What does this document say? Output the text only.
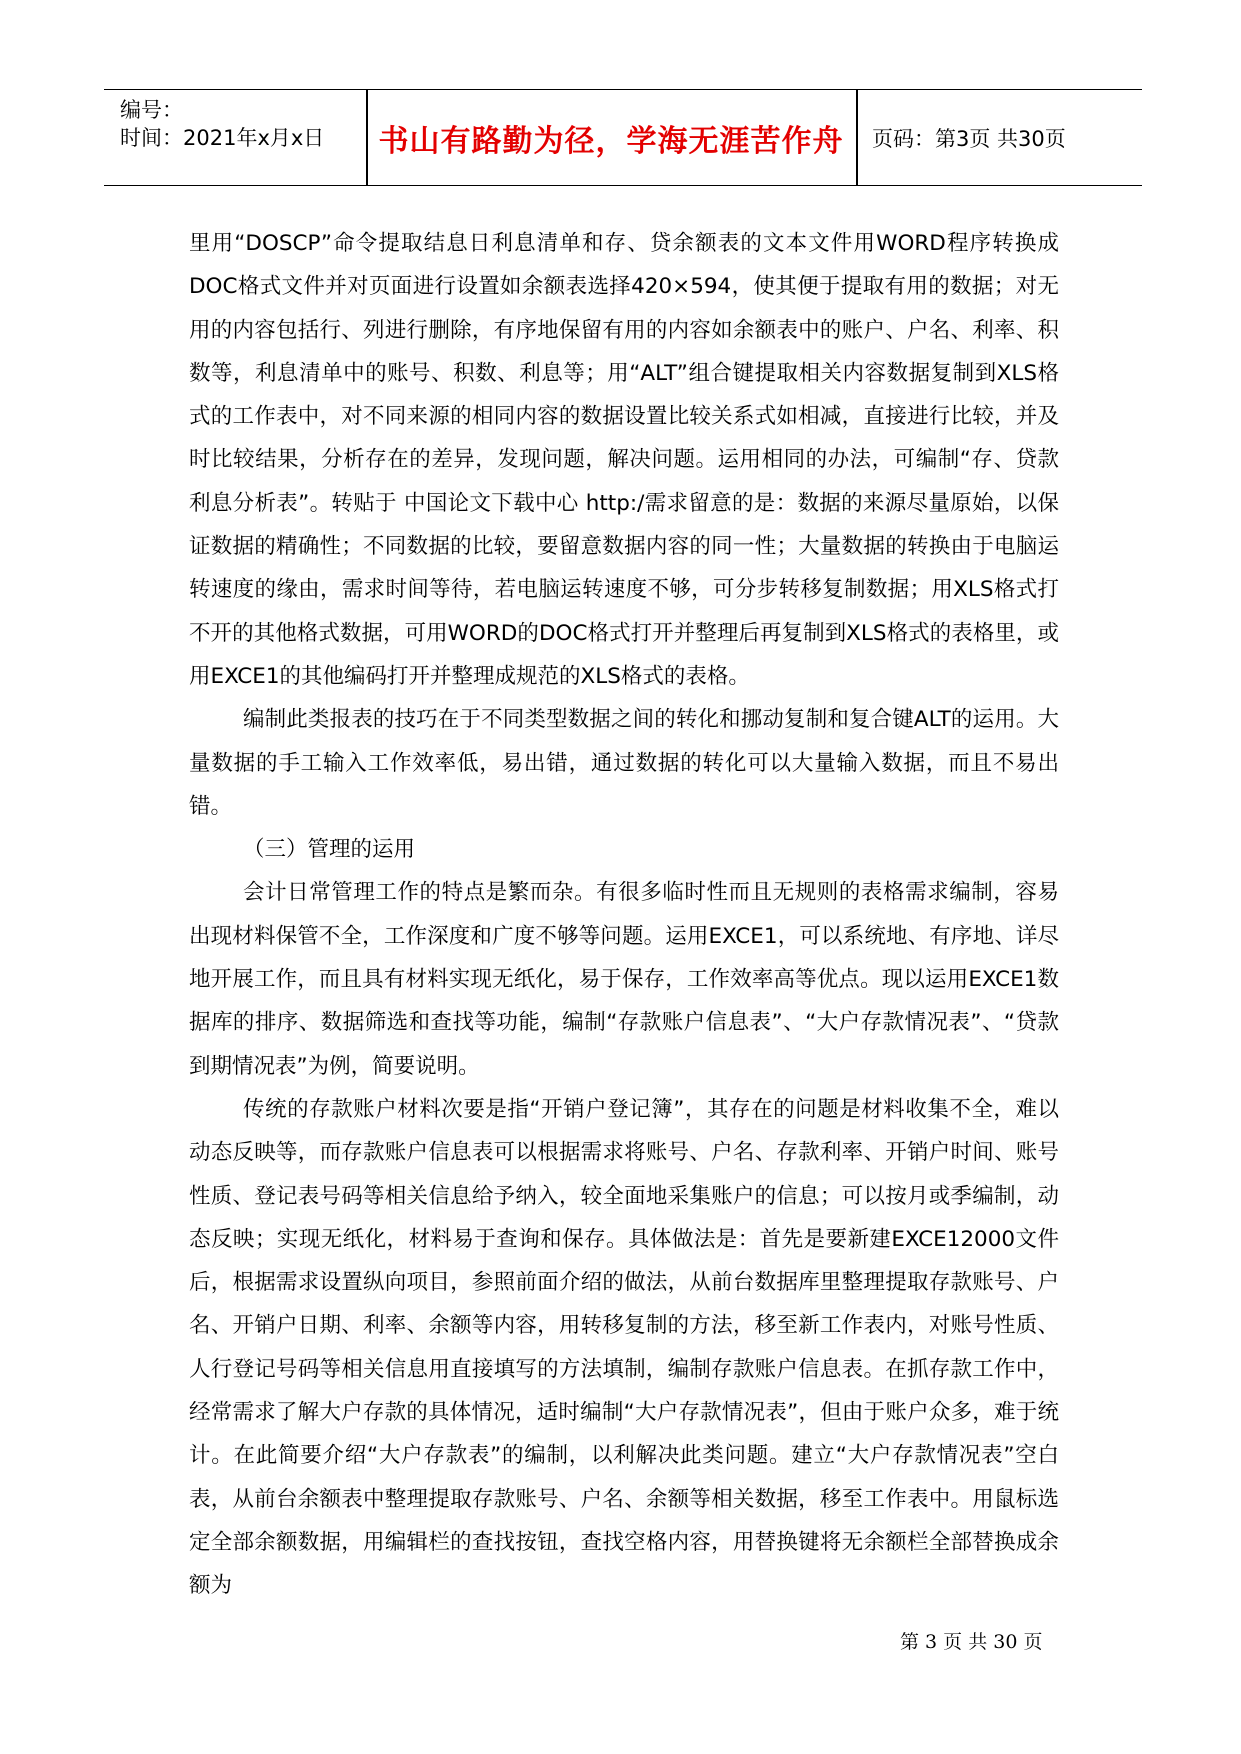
编号：
时间：2021年x月x日	书山有路勤为径，学海无涯苦作舟	页码：第3页 共30页

里用“DOSCP”命令提取结息日利息清单和存、贷余额表的文本文件用WORD程序转换成DOC格式文件并对页面进行设置如余额表选择420×594，使其便于提取有用的数据；对无用的内容包括行、列进行删除，有序地保留有用的内容如余额表中的账户、户名、利率、积数等，利息清单中的账号、积数、利息等；用“ALT”组合键提取相关内容数据复制到XLS格式的工作表中，对不同来源的相同内容的数据设置比较关系式如相减，直接进行比较，并及时比较结果，分析存在的差异，发现问题，解决问题。运用相同的办法，可编制“存、贷款利息分析表”。转贴于 中国论文下载中心 http:/需求留意的是：数据的来源尽量原始，以保证数据的精确性；不同数据的比较，要留意数据内容的同一性；大量数据的转换由于电脑运转速度的缘由，需求时间等待，若电脑运转速度不够，可分步转移复制数据；用XLS格式打不开的其他格式数据，可用WORD的DOC格式打开并整理后再复制到XLS格式的表格里，或用EXCE1的其他编码打开并整理成规范的XLS格式的表格。

编制此类报表的技巧在于不同类型数据之间的转化和挪动复制和复合键ALT的运用。大量数据的手工输入工作效率低，易出错，通过数据的转化可以大量输入数据，而且不易出错。

（三）管理的运用

会计日常管理工作的特点是繁而杂。有很多临时性而且无规则的表格需求编制，容易出现材料保管不全，工作深度和广度不够等问题。运用EXCE1，可以系统地、有序地、详尽地开展工作，而且具有材料实现无纸化，易于保存，工作效率高等优点。现以运用EXCE1数据库的排序、数据筛选和查找等功能，编制“存款账户信息表”、“大户存款情况表”、“贷款到期情况表”为例，简要说明。

传统的存款账户材料次要是指“开销户登记簿”，其存在的问题是材料收集不全，难以动态反映等，而存款账户信息表可以根据需求将账号、户名、存款利率、开销户时间、账号性质、登记表号码等相关信息给予纳入，较全面地采集账户的信息；可以按月或季编制，动态反映；实现无纸化，材料易于查询和保存。具体做法是：首先是要新建EXCE12000文件后，根据需求设置纵向项目，参照前面介绍的做法，从前台数据库里整理提取存款账号、户名、开销户日期、利率、余额等内容，用转移复制的方法，移至新工作表内，对账号性质、人行登记号码等相关信息用直接填写的方法填制，编制存款账户信息表。在抓存款工作中，经常需求了解大户存款的具体情况，适时编制“大户存款情况表”，但由于账户众多，难于统计。在此简要介绍“大户存款表”的编制，以利解决此类问题。建立“大户存款情况表”空白表，从前台余额表中整理提取存款账号、户名、余额等相关数据，移至工作表中。用鼠标选定全部余额数据，用编辑栏的查找按钮，查找空格内容，用替换键将无余额栏全部替换成余额为

第 3 页 共 30 页
